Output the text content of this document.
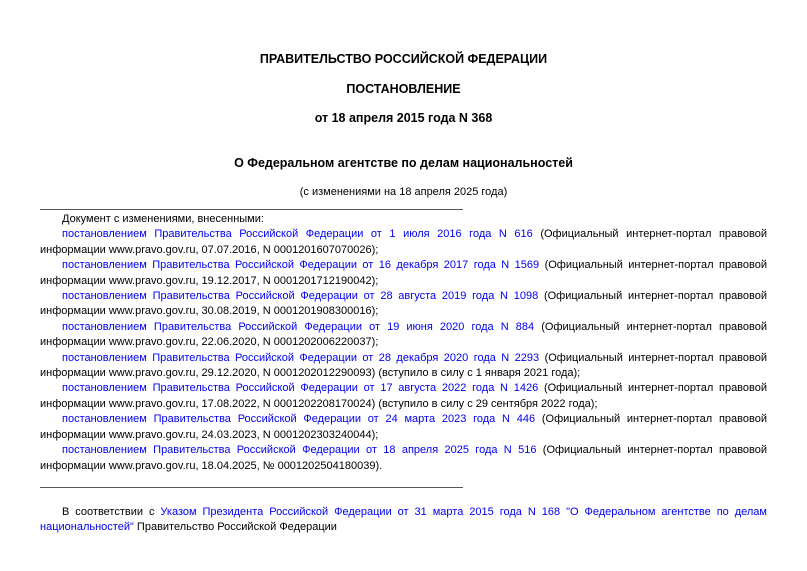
ПРАВИТЕЛЬСТВО РОССИЙСКОЙ ФЕДЕРАЦИИ
ПОСТАНОВЛЕНИЕ
от 18 апреля 2015 года N 368
О Федеральном агентстве по делам национальностей
(с изменениями на 18 апреля 2025 года)

Документ с изменениями, внесенными:

постановлением Правительства Российской Федерации от 1 июля 2016 года N 616 (Официальный интернет-портал правовой информации www.pravo.gov.ru, 07.07.2016, N 0001201607070026);

постановлением Правительства Российской Федерации от 16 декабря 2017 года N 1569 (Официальный интернет-портал правовой информации www.pravo.gov.ru, 19.12.2017, N 0001201712190042);

постановлением Правительства Российской Федерации от 28 августа 2019 года N 1098 (Официальный интернет-портал правовой информации www.pravo.gov.ru, 30.08.2019, N 0001201908300016);

постановлением Правительства Российской Федерации от 19 июня 2020 года N 884 (Официальный интернет-портал правовой информации www.pravo.gov.ru, 22.06.2020, N 0001202006220037);

постановлением Правительства Российской Федерации от 28 декабря 2020 года N 2293 (Официальный интернет-портал правовой информации www.pravo.gov.ru, 29.12.2020, N 0001202012290093) (вступило в силу с 1 января 2021 года);

постановлением Правительства Российской Федерации от 17 августа 2022 года N 1426 (Официальный интернет-портал правовой информации www.pravo.gov.ru, 17.08.2022, N 0001202208170024) (вступило в силу с 29 сентября 2022 года);

постановлением Правительства Российской Федерации от 24 марта 2023 года N 446 (Официальный интернет-портал правовой информации www.pravo.gov.ru, 24.03.2023, N 0001202303240044);

постановлением Правительства Российской Федерации от 18 апреля 2025 года N 516 (Официальный интернет-портал правовой информации www.pravo.gov.ru, 18.04.2025, № 0001202504180039).

В соответствии с Указом Президента Российской Федерации от 31 марта 2015 года N 168 "О Федеральном агентстве по делам национальностей" Правительство Российской Федерации
